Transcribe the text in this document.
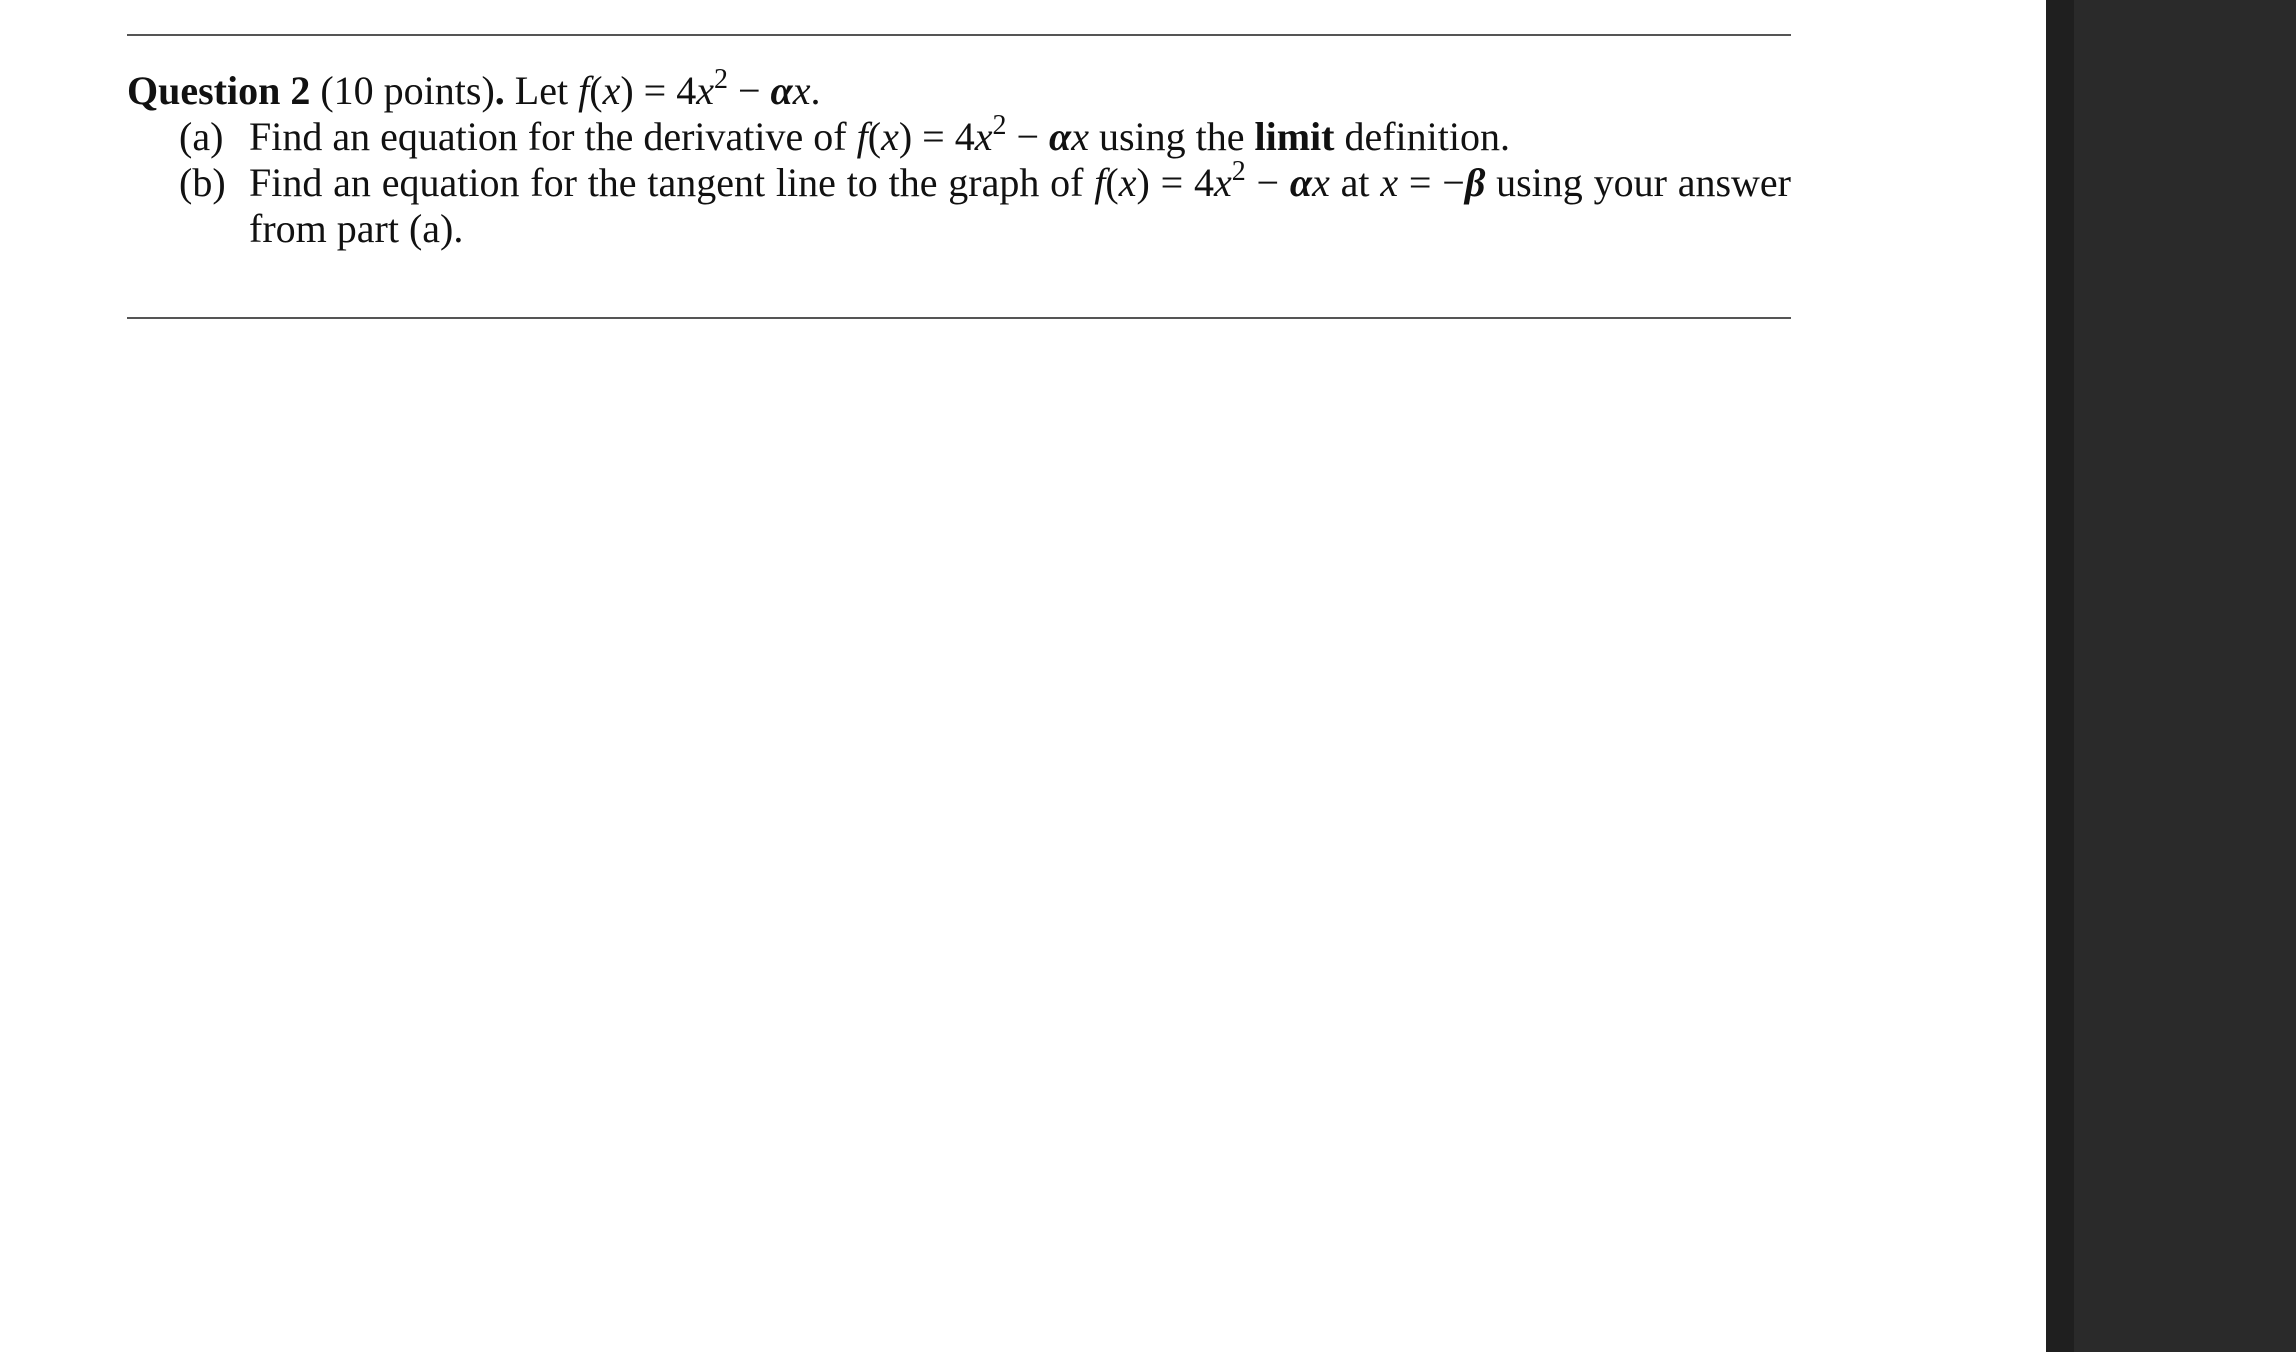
Question 2 (10 points). Let $f(x) = 4x^2 - \alpha x$.
(a) Find an equation for the derivative of $f(x) = 4x^2 - \alpha x$ using the limit definition.
(b) Find an equation for the tangent line to the graph of $f(x) = 4x^2 - \alpha x$ at x = −β using your answer from part (a).
